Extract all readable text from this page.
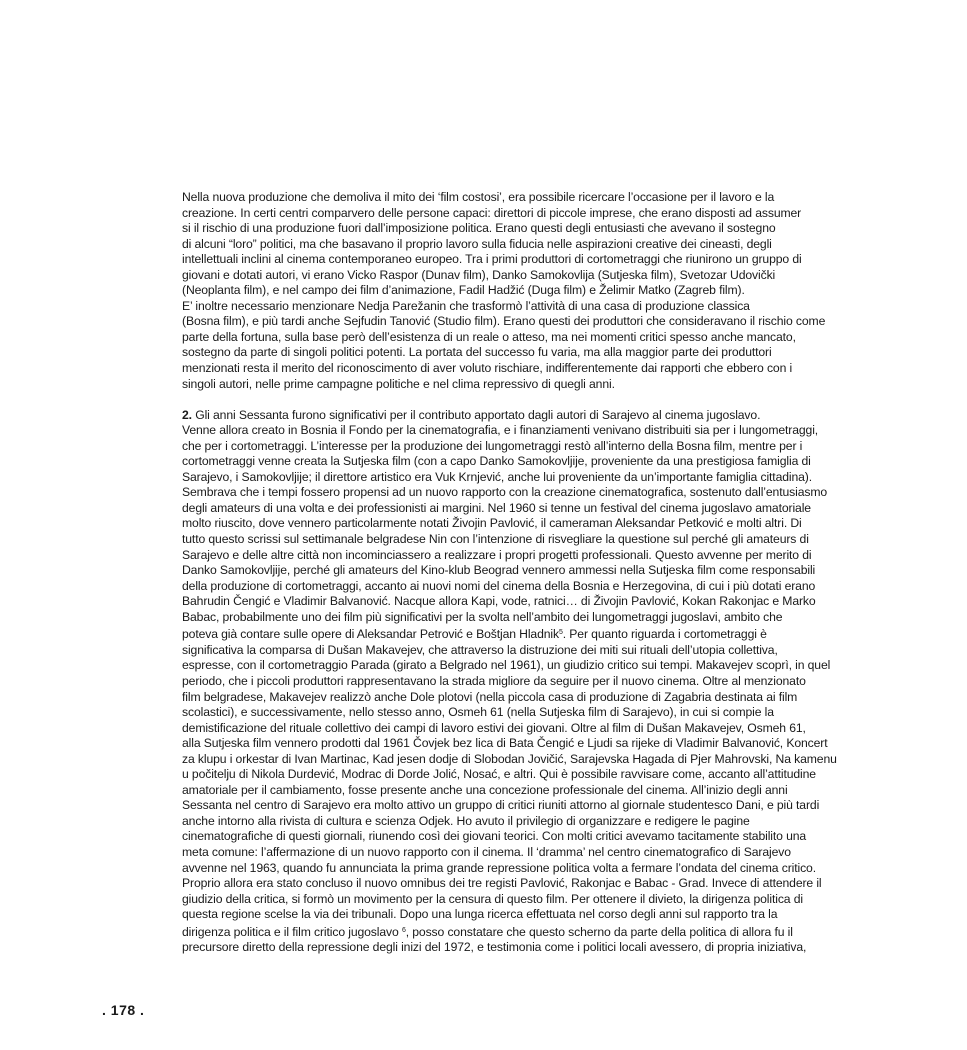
Nella nuova produzione che demoliva il mito dei ‘film costosi’, era possibile ricercare l’occasione per il lavoro e la
creazione. In certi centri comparvero delle persone capaci: direttori di piccole imprese, che erano disposti ad assumer
si il rischio di una produzione fuori dall’imposizione politica. Erano questi degli entusiasti che avevano il sostegno
di alcuni “loro” politici, ma che basavano il proprio lavoro sulla fiducia nelle aspirazioni creative dei cineasti, degli
intellettuali inclini al cinema contemporaneo europeo. Tra i primi produttori di cortometraggi che riunirono un gruppo di
giovani e dotati autori, vi erano Vicko Raspor (Dunav film), Danko Samokovlija (Sutjeska film), Svetozar Udovički
(Neoplanta film), e nel campo dei film d’animazione, Fadil Hadžić (Duga film) e Želimir Matko (Zagreb film).
E’ inoltre necessario menzionare Nedja Parežanin che trasformò l’attività di una casa di produzione classica
(Bosna film), e più tardi anche Sejfudin Tanović (Studio film). Erano questi dei produttori che consideravano il rischio come
parte della fortuna, sulla base però dell’esistenza di un reale o atteso, ma nei momenti critici spesso anche mancato,
sostegno da parte di singoli politici potenti. La portata del successo fu varia, ma alla maggior parte dei produttori
menzionati resta il merito del riconoscimento di aver voluto rischiare, indifferentemente dai rapporti che ebbero con i
singoli autori, nelle prime campagne politiche e nel clima repressivo di quegli anni.

2. Gli anni Sessanta furono significativi per il contributo apportato dagli autori di Sarajevo al cinema jugoslavo.
Venne allora creato in Bosnia il Fondo per la cinematografia, e i finanziamenti venivano distribuiti sia per i lungometraggi,
che per i cortometraggi. L’interesse per la produzione dei lungometraggi restò all’interno della Bosna film, mentre per i
cortometraggi venne creata la Sutjeska film (con a capo Danko Samokovlјije, proveniente da una prestigiosa famiglia di
Sarajevo, i Samokovlјije; il direttore artistico era Vuk Krnjević, anche lui proveniente da un’importante famiglia cittadina).
Sembrava che i tempi fossero propensi ad un nuovo rapporto con la creazione cinematografica, sostenuto dall’entusiasmo
degli amateurs di una volta e dei professionisti ai margini. Nel 1960 si tenne un festival del cinema jugoslavo amatoriale
molto riuscito, dove vennero particolarmente notati Živojin Pavlović, il cameraman Aleksandar Petković e molti altri. Di
tutto questo scrissi sul settimanale belgradese Nin con l’intenzione di risvegliare la questione sul perché gli amateurs di
Sarajevo e delle altre città non incominciassero a realizzare i propri progetti professionali. Questo avvenne per merito di
Danko Samokovlјije, perché gli amateurs del Kino-klub Beograd vennero ammessi nella Sutjeska film come responsabili
della produzione di cortometraggi, accanto ai nuovi nomi del cinema della Bosnia e Herzegovina, di cui i più dotati erano
Bahrudin Čengić e Vladimir Balvanović. Nacque allora Kapi, vode, ratnici… di Živojin Pavlović, Kokan Rakonjac e Marko
Babac, probabilmente uno dei film più significativi per la svolta nell’ambito dei lungometraggi jugoslavi, ambito che
poteva già contare sulle opere di Aleksandar Petrović e Boštjan Hladnik$^5$. Per quanto riguarda i cortometraggi è
significativa la comparsa di Dušan Makavejev, che attraverso la distruzione dei miti sui rituali dell’utopia collettiva,
espresse, con il cortometraggio Parada (girato a Belgrado nel 1961), un giudizio critico sui tempi. Makavejev scoprì, in quel
periodo, che i piccoli produttori rappresentavano la strada migliore da seguire per il nuovo cinema. Oltre al menzionato
film belgradese, Makavejev realizzò anche Dole plotovi (nella piccola casa di produzione di Zagabria destinata ai film
scolastici), e successivamente, nello stesso anno, Osmeh 61 (nella Sutjeska film di Sarajevo), in cui si compie la
demistificazione del rituale collettivo dei campi di lavoro estivi dei giovani. Oltre al film di Dušan Makavejev, Osmeh 61,
alla Sutjeska film vennero prodotti dal 1961 Čovjek bez lica di Bata Čengić e Ljudi sa rijeke di Vladimir Balvanović, Koncert
za klupu i orkestar di Ivan Martinac, Kad jesen dodje di Slobodan Jovičić, Sarajevska Hagada di Pjer Mahrovski, Na kamenu
u počitelju di Nikola Durdević, Modrac di Dorde Jolić, Nosać, e altri. Qui è possibile ravvisare come, accanto all’attitudine
amatoriale per il cambiamento, fosse presente anche una concezione professionale del cinema. All’inizio degli anni
Sessanta nel centro di Sarajevo era molto attivo un gruppo di critici riuniti attorno al giornale studentesco Dani, e più tardi
anche intorno alla rivista di cultura e scienza Odjek. Ho avuto il privilegio di organizzare e redigere le pagine
cinematografiche di questi giornali, riunendo così dei giovani teorici. Con molti critici avevamo tacitamente stabilito una
meta comune: l’affermazione di un nuovo rapporto con il cinema. Il ‘dramma’ nel centro cinematografico di Sarajevo
avvenne nel 1963, quando fu annunciata la prima grande repressione politica volta a fermare l’ondata del cinema critico.
Proprio allora era stato concluso il nuovo omnibus dei tre registi Pavlović, Rakonjac e Babac - Grad. Invece di attendere il
giudizio della critica, si formò un movimento per la censura di questo film. Per ottenere il divieto, la dirigenza politica di
questa regione scelse la via dei tribunali. Dopo una lunga ricerca effettuata nel corso degli anni sul rapporto tra la
dirigenza politica e il film critico jugoslavo $^6$, posso constatare che questo scherno da parte della politica di allora fu il
precursore diretto della repressione degli inizi del 1972, e testimonia come i politici locali avessero, di propria iniziativa,

. 178 .
